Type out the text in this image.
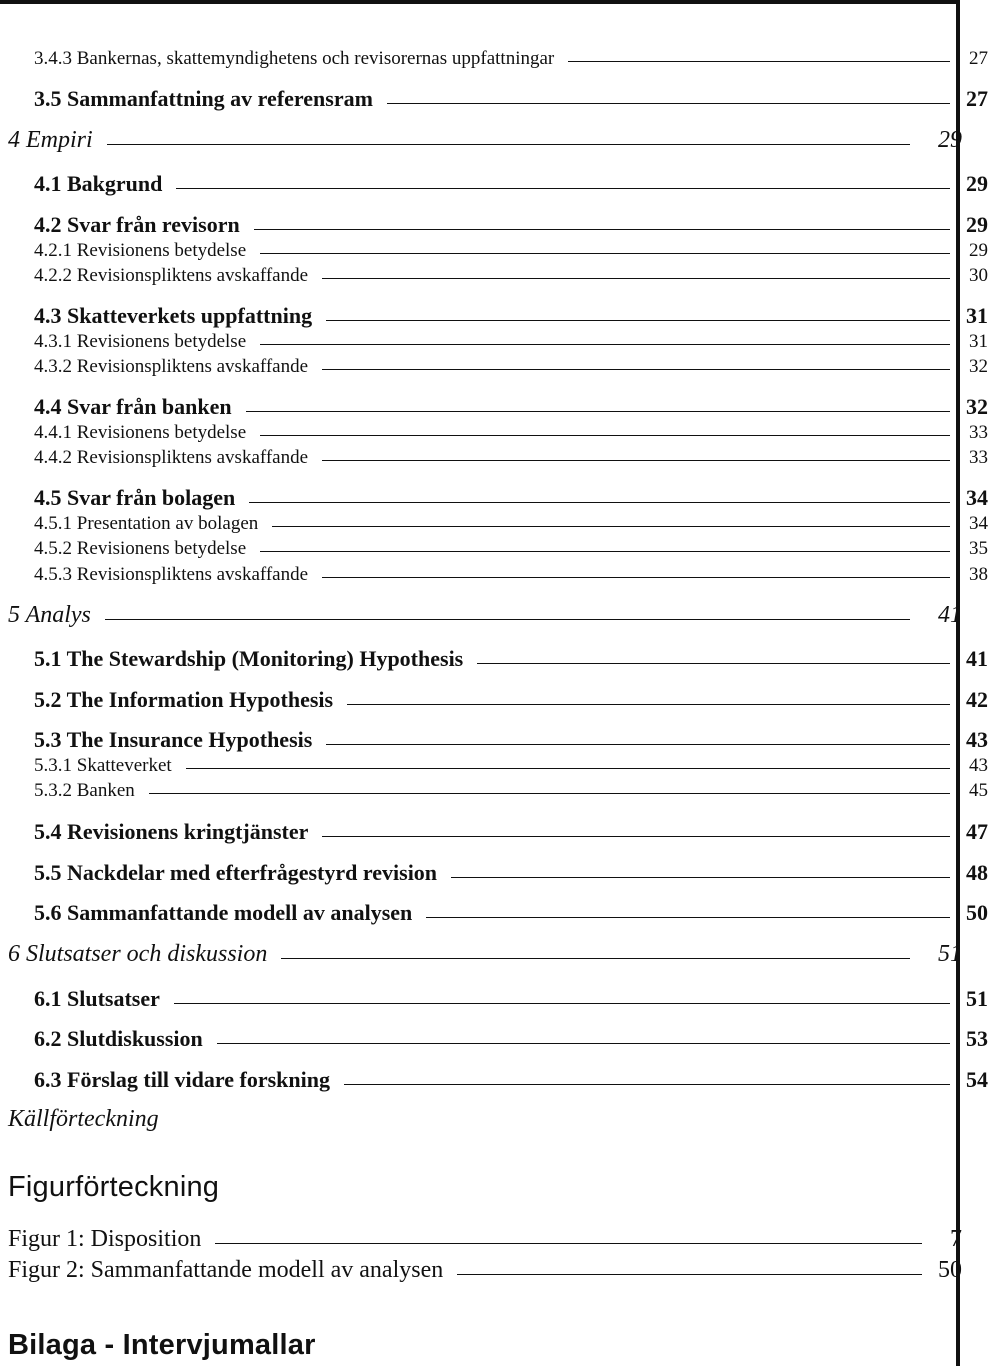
3.4.3 Bankernas, skattemyndighetens och revisorernas uppfattningar	27
3.5 Sammanfattning av referensram	27
4 Empiri	29
4.1 Bakgrund	29
4.2 Svar från revisorn	29
4.2.1 Revisionens betydelse	29
4.2.2 Revisionspliktens avskaffande	30
4.3 Skatteverkets uppfattning	31
4.3.1 Revisionens betydelse	31
4.3.2 Revisionspliktens avskaffande	32
4.4 Svar från banken	32
4.4.1 Revisionens betydelse	33
4.4.2 Revisionspliktens avskaffande	33
4.5 Svar från bolagen	34
4.5.1 Presentation av bolagen	34
4.5.2 Revisionens betydelse	35
4.5.3 Revisionspliktens avskaffande	38
5 Analys	41
5.1 The Stewardship (Monitoring) Hypothesis	41
5.2 The Information Hypothesis	42
5.3 The Insurance Hypothesis	43
5.3.1 Skatteverket	43
5.3.2 Banken	45
5.4 Revisionens kringtjänster	47
5.5 Nackdelar med efterfrågestyrd revision	48
5.6 Sammanfattande modell av analysen	50
6 Slutsatser och diskussion	51
6.1 Slutsatser	51
6.2 Slutdiskussion	53
6.3 Förslag till vidare forskning	54
Källförteckning
Figurförteckning
Figur 1: Disposition	7
Figur 2: Sammanfattande modell av analysen	50
Bilaga - Intervjumallar
